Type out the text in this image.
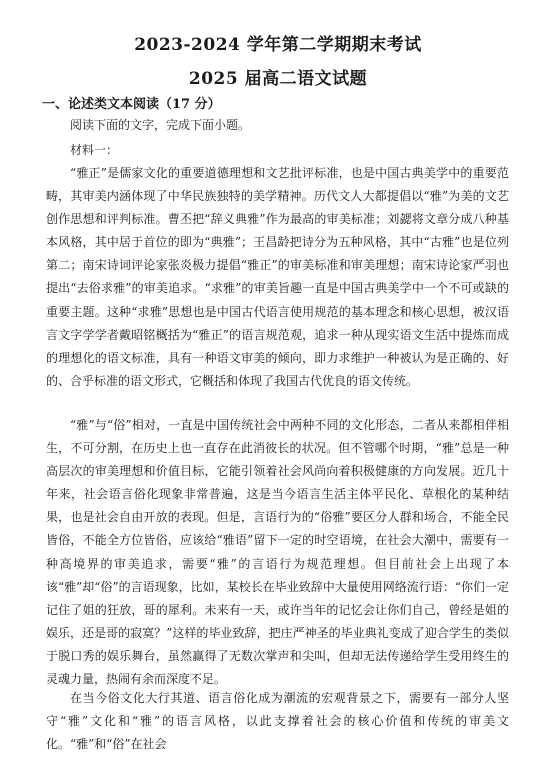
2023-2024 学年第二学期期末考试
2025 届高二语文试题
一、论述类文本阅读（17 分）

阅读下面的文字，完成下面小题。

材料一：

“雅正”是儒家文化的重要道德理想和文艺批评标准，也是中国古典美学中的重要范畴，其审美内涵体现了中华民族独特的美学精神。历代文人大都提倡以“雅”为美的文艺创作思想和评判标准。曹丕把“辞义典雅”作为最高的审美标准；刘勰将文章分成八种基本风格，其中居于首位的即为“典雅”；王昌龄把诗分为五种风格，其中“古雅”也是位列第二；南宋诗词评论家张炎极力提倡“雅正”的审美标准和审美理想；南宋诗论家严羽也提出“去俗求雅”的审美追求。“求雅”的审美旨趣一直是中国古典美学中一个不可或缺的重要主题。这种“求雅”思想也是中国古代语言使用规范的基本理念和核心思想，被汉语言文字学学者戴昭铭概括为“雅正”的语言规范观，追求一种从现实语文生活中提炼而成的理想化的语文标准，具有一种语文审美的倾向，即力求维护一种被认为是正确的、好的、合乎标准的语文形式，它概括和体现了我国古代优良的语文传统。

“雅”与“俗”相对，一直是中国传统社会中两种不同的文化形态，二者从来都相伴相生，不可分割，在历史上也一直存在此消彼长的状况。但不管哪个时期，“雅”总是一种高层次的审美理想和价值目标，它能引领着社会风尚向着积极健康的方向发展。近几十年来，社会语言俗化现象非常普遍，这是当今语言生活主体平民化、草根化的某种结果，也是社会自由开放的表现。但是，言语行为的“俗雅”要区分人群和场合，不能全民皆俗，不能全方位皆俗，应该给“雅语”留下一定的时空语境，在社会大潮中，需要有一种高境界的审美追求，需要“雅”的言语行为规范理想。但目前社会上出现了本该“雅”却“俗”的言语现象，比如，某校长在毕业致辞中大量使用网络流行语：“你们一定记住了姐的狂放，哥的犀利。未来有一天，或许当年的记忆会让你们自己，曾经是姐的娱乐，还是哥的寂寞？”这样的毕业致辞，把庄严神圣的毕业典礼变成了迎合学生的类似于脱口秀的娱乐舞台，虽然赢得了无数次掌声和尖叫，但却无法传递给学生受用终生的灵魂力量，热闹有余而深度不足。

在当今俗文化大行其道、语言俗化成为潮流的宏观背景之下，需要有一部分人坚守“雅”文化和“雅”的语言风格，以此支撑着社会的核心价值和传统的审美文化。“雅”和“俗”在社会
